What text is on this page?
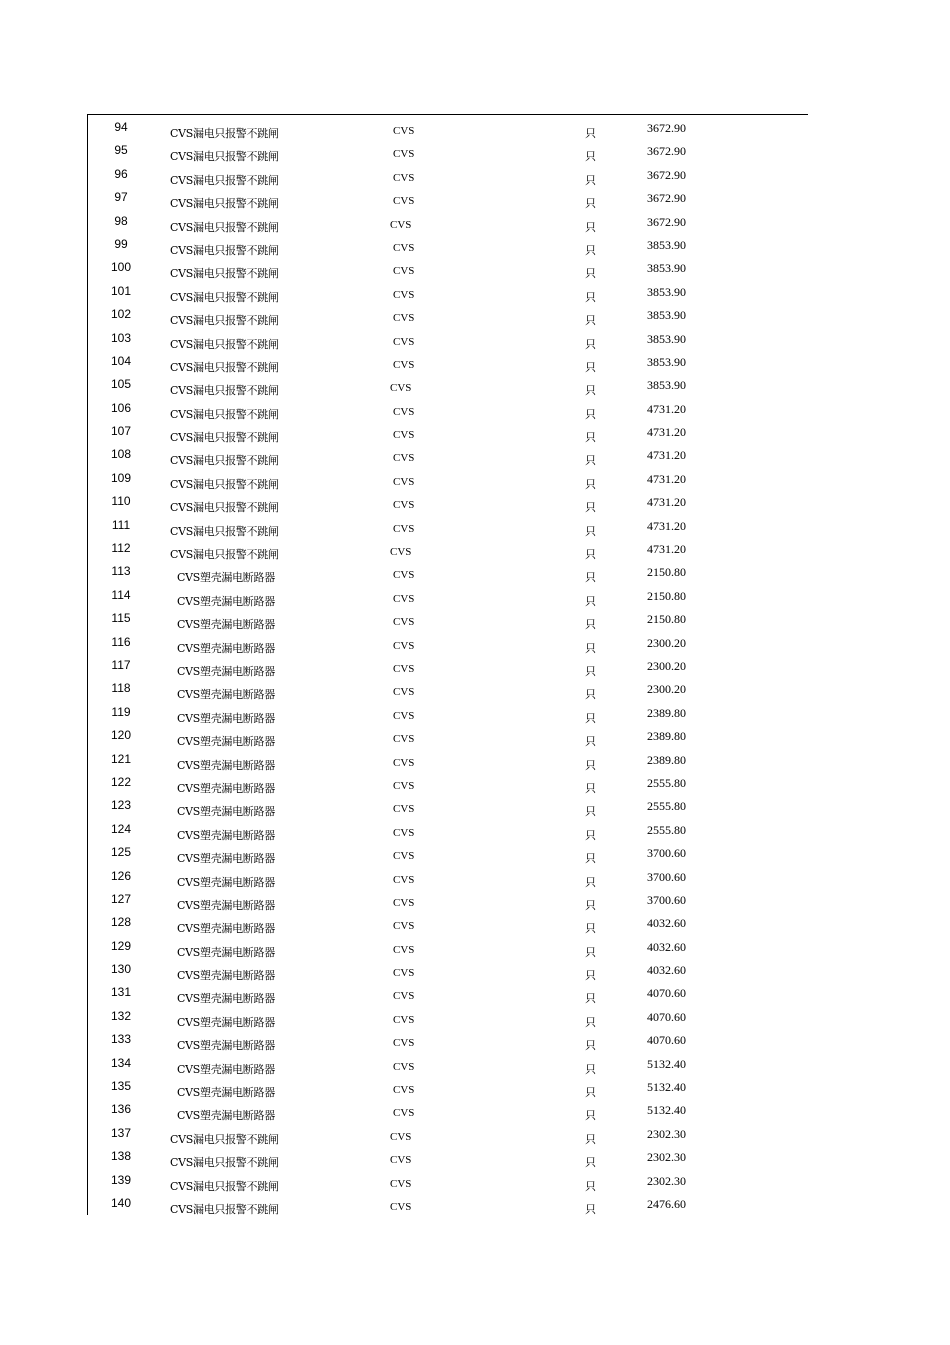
94	CVS漏电只报警不跳闸	CVS	只	3672.90
95	CVS漏电只报警不跳闸	CVS	只	3672.90
96	CVS漏电只报警不跳闸	CVS	只	3672.90
97	CVS漏电只报警不跳闸	CVS	只	3672.90
98	CVS漏电只报警不跳闸	CVS	只	3672.90
99	CVS漏电只报警不跳闸	CVS	只	3853.90
100	CVS漏电只报警不跳闸	CVS	只	3853.90
101	CVS漏电只报警不跳闸	CVS	只	3853.90
102	CVS漏电只报警不跳闸	CVS	只	3853.90
103	CVS漏电只报警不跳闸	CVS	只	3853.90
104	CVS漏电只报警不跳闸	CVS	只	3853.90
105	CVS漏电只报警不跳闸	CVS	只	3853.90
106	CVS漏电只报警不跳闸	CVS	只	4731.20
107	CVS漏电只报警不跳闸	CVS	只	4731.20
108	CVS漏电只报警不跳闸	CVS	只	4731.20
109	CVS漏电只报警不跳闸	CVS	只	4731.20
110	CVS漏电只报警不跳闸	CVS	只	4731.20
111	CVS漏电只报警不跳闸	CVS	只	4731.20
112	CVS漏电只报警不跳闸	CVS	只	4731.20
113	CVS塑壳漏电断路器	CVS	只	2150.80
114	CVS塑壳漏电断路器	CVS	只	2150.80
115	CVS塑壳漏电断路器	CVS	只	2150.80
116	CVS塑壳漏电断路器	CVS	只	2300.20
117	CVS塑壳漏电断路器	CVS	只	2300.20
118	CVS塑壳漏电断路器	CVS	只	2300.20
119	CVS塑壳漏电断路器	CVS	只	2389.80
120	CVS塑壳漏电断路器	CVS	只	2389.80
121	CVS塑壳漏电断路器	CVS	只	2389.80
122	CVS塑壳漏电断路器	CVS	只	2555.80
123	CVS塑壳漏电断路器	CVS	只	2555.80
124	CVS塑壳漏电断路器	CVS	只	2555.80
125	CVS塑壳漏电断路器	CVS	只	3700.60
126	CVS塑壳漏电断路器	CVS	只	3700.60
127	CVS塑壳漏电断路器	CVS	只	3700.60
128	CVS塑壳漏电断路器	CVS	只	4032.60
129	CVS塑壳漏电断路器	CVS	只	4032.60
130	CVS塑壳漏电断路器	CVS	只	4032.60
131	CVS塑壳漏电断路器	CVS	只	4070.60
132	CVS塑壳漏电断路器	CVS	只	4070.60
133	CVS塑壳漏电断路器	CVS	只	4070.60
134	CVS塑壳漏电断路器	CVS	只	5132.40
135	CVS塑壳漏电断路器	CVS	只	5132.40
136	CVS塑壳漏电断路器	CVS	只	5132.40
137	CVS漏电只报警不跳闸	CVS	只	2302.30
138	CVS漏电只报警不跳闸	CVS	只	2302.30
139	CVS漏电只报警不跳闸	CVS	只	2302.30
140	CVS漏电只报警不跳闸	CVS	只	2476.60
